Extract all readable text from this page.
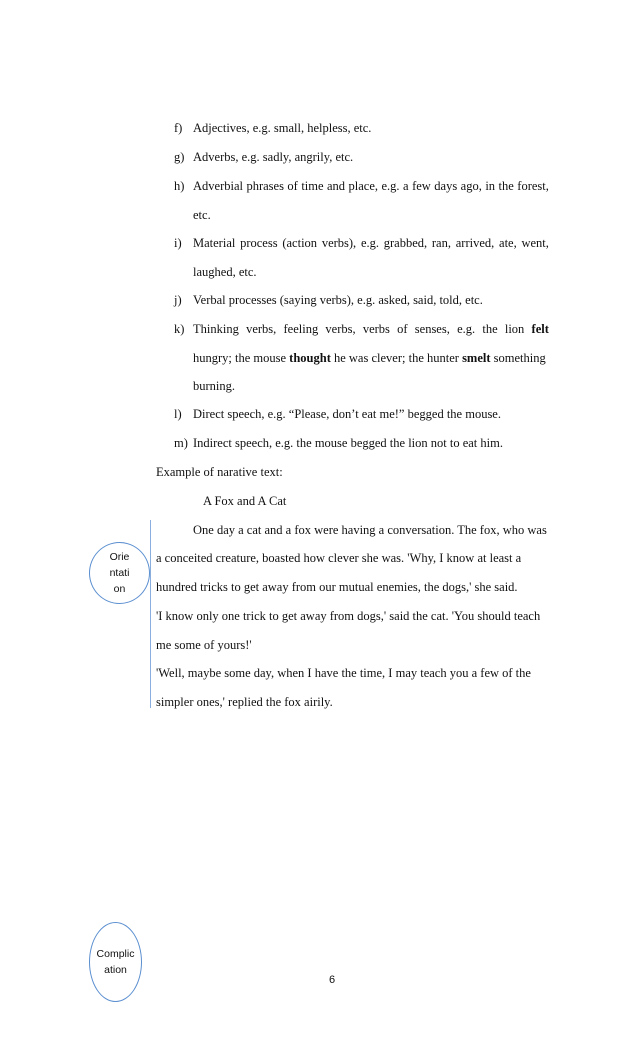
f) Adjectives, e.g. small, helpless, etc.
g) Adverbs, e.g. sadly, angrily, etc.
h) Adverbial phrases of time and place, e.g. a few days ago, in the forest,
etc.
i) Material process (action verbs), e.g. grabbed, ran, arrived, ate, went,
laughed, etc.
j) Verbal processes (saying verbs), e.g. asked, said, told, etc.
k) Thinking verbs, feeling verbs, verbs of senses, e.g. the lion felt
hungry; the mouse thought he was clever; the hunter smelt something
burning.
l) Direct speech, e.g. “Please, don’t eat me!” begged the mouse.
m) Indirect speech, e.g. the mouse begged the lion not to eat him.
Example of narative text:
A Fox and A Cat
One day a cat and a fox were having a conversation. The fox, who was
a conceited creature, boasted how clever she was. 'Why, I know at least a
hundred tricks to get away from our mutual enemies, the dogs,' she said.
'I know only one trick to get away from dogs,' said the cat. 'You should teach
me some of yours!'
'Well, maybe some day, when I have the time, I may teach you a few of the
simpler ones,' replied the fox airily.
Orie
ntati
on
Complic
ation
6
